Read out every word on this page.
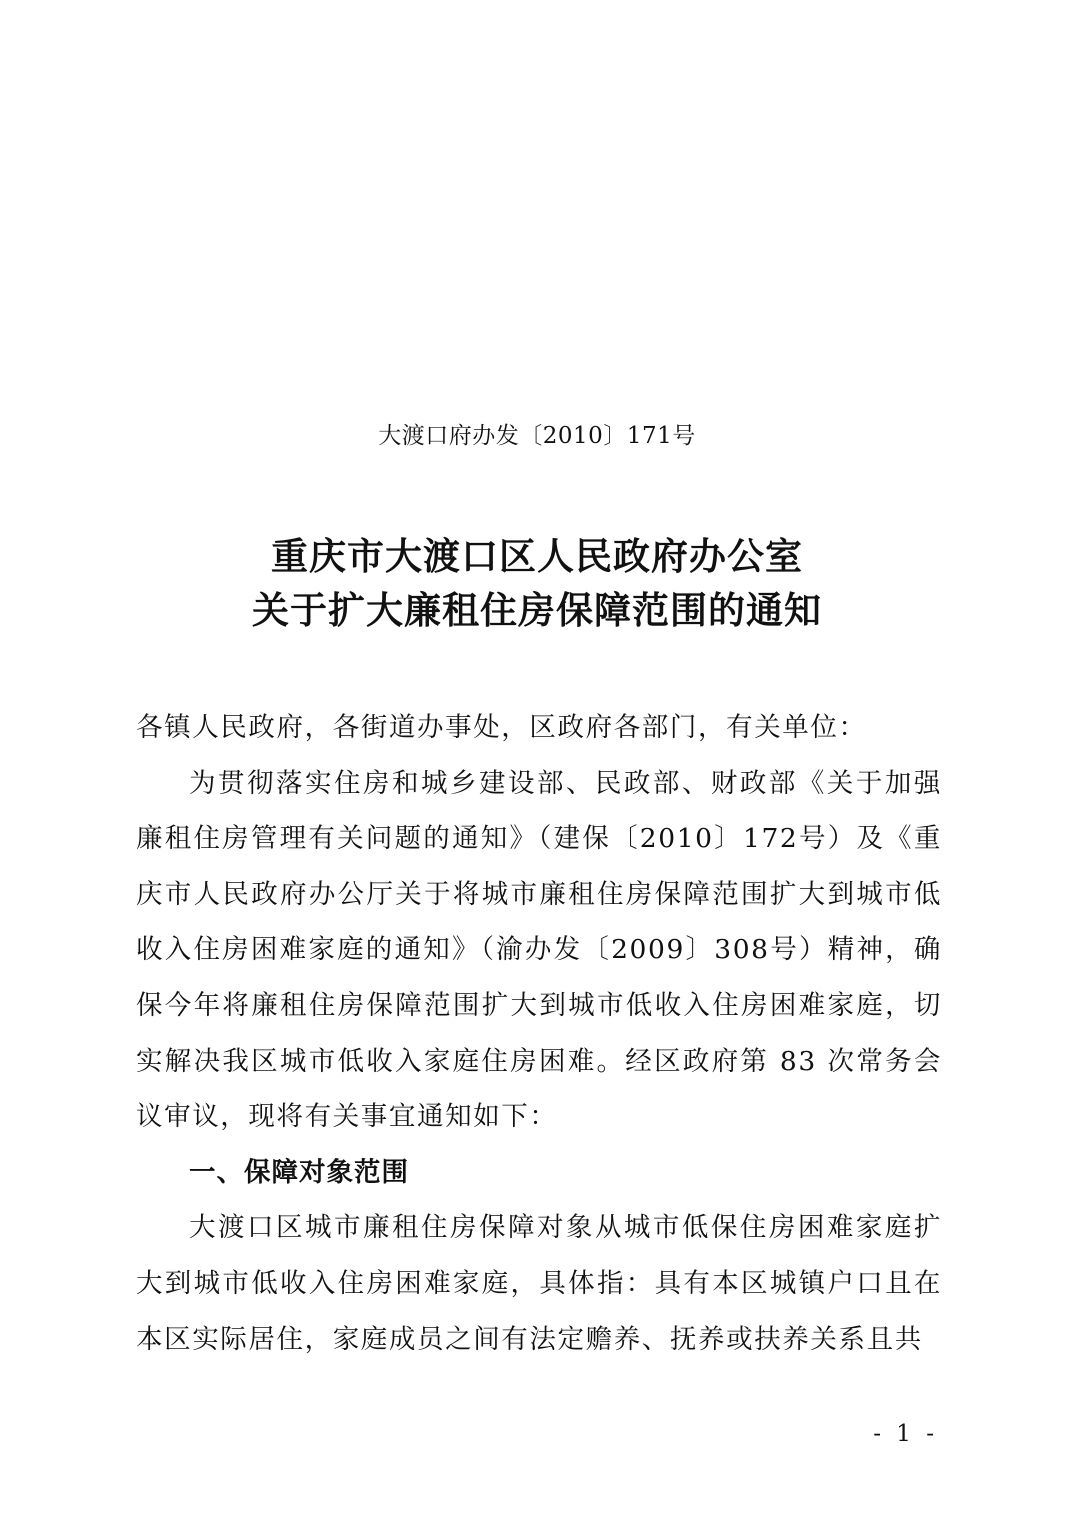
大渡口府办发〔2010〕171号
重庆市大渡口区人民政府办公室
关于扩大廉租住房保障范围的通知

各镇人民政府，各街道办事处，区政府各部门，有关单位：

为贯彻落实住房和城乡建设部、民政部、财政部《关于加强廉租住房管理有关问题的通知》（建保〔2010〕172号）及《重庆市人民政府办公厅关于将城市廉租住房保障范围扩大到城市低收入住房困难家庭的通知》（渝办发〔2009〕308号）精神，确保今年将廉租住房保障范围扩大到城市低收入住房困难家庭，切实解决我区城市低收入家庭住房困难。经区政府第 83 次常务会议审议，现将有关事宜通知如下：

一、保障对象范围

大渡口区城市廉租住房保障对象从城市低保住房困难家庭扩大到城市低收入住房困难家庭，具体指：具有本区城镇户口且在本区实际居住，家庭成员之间有法定赡养、抚养或扶养关系且共

- 1 -
